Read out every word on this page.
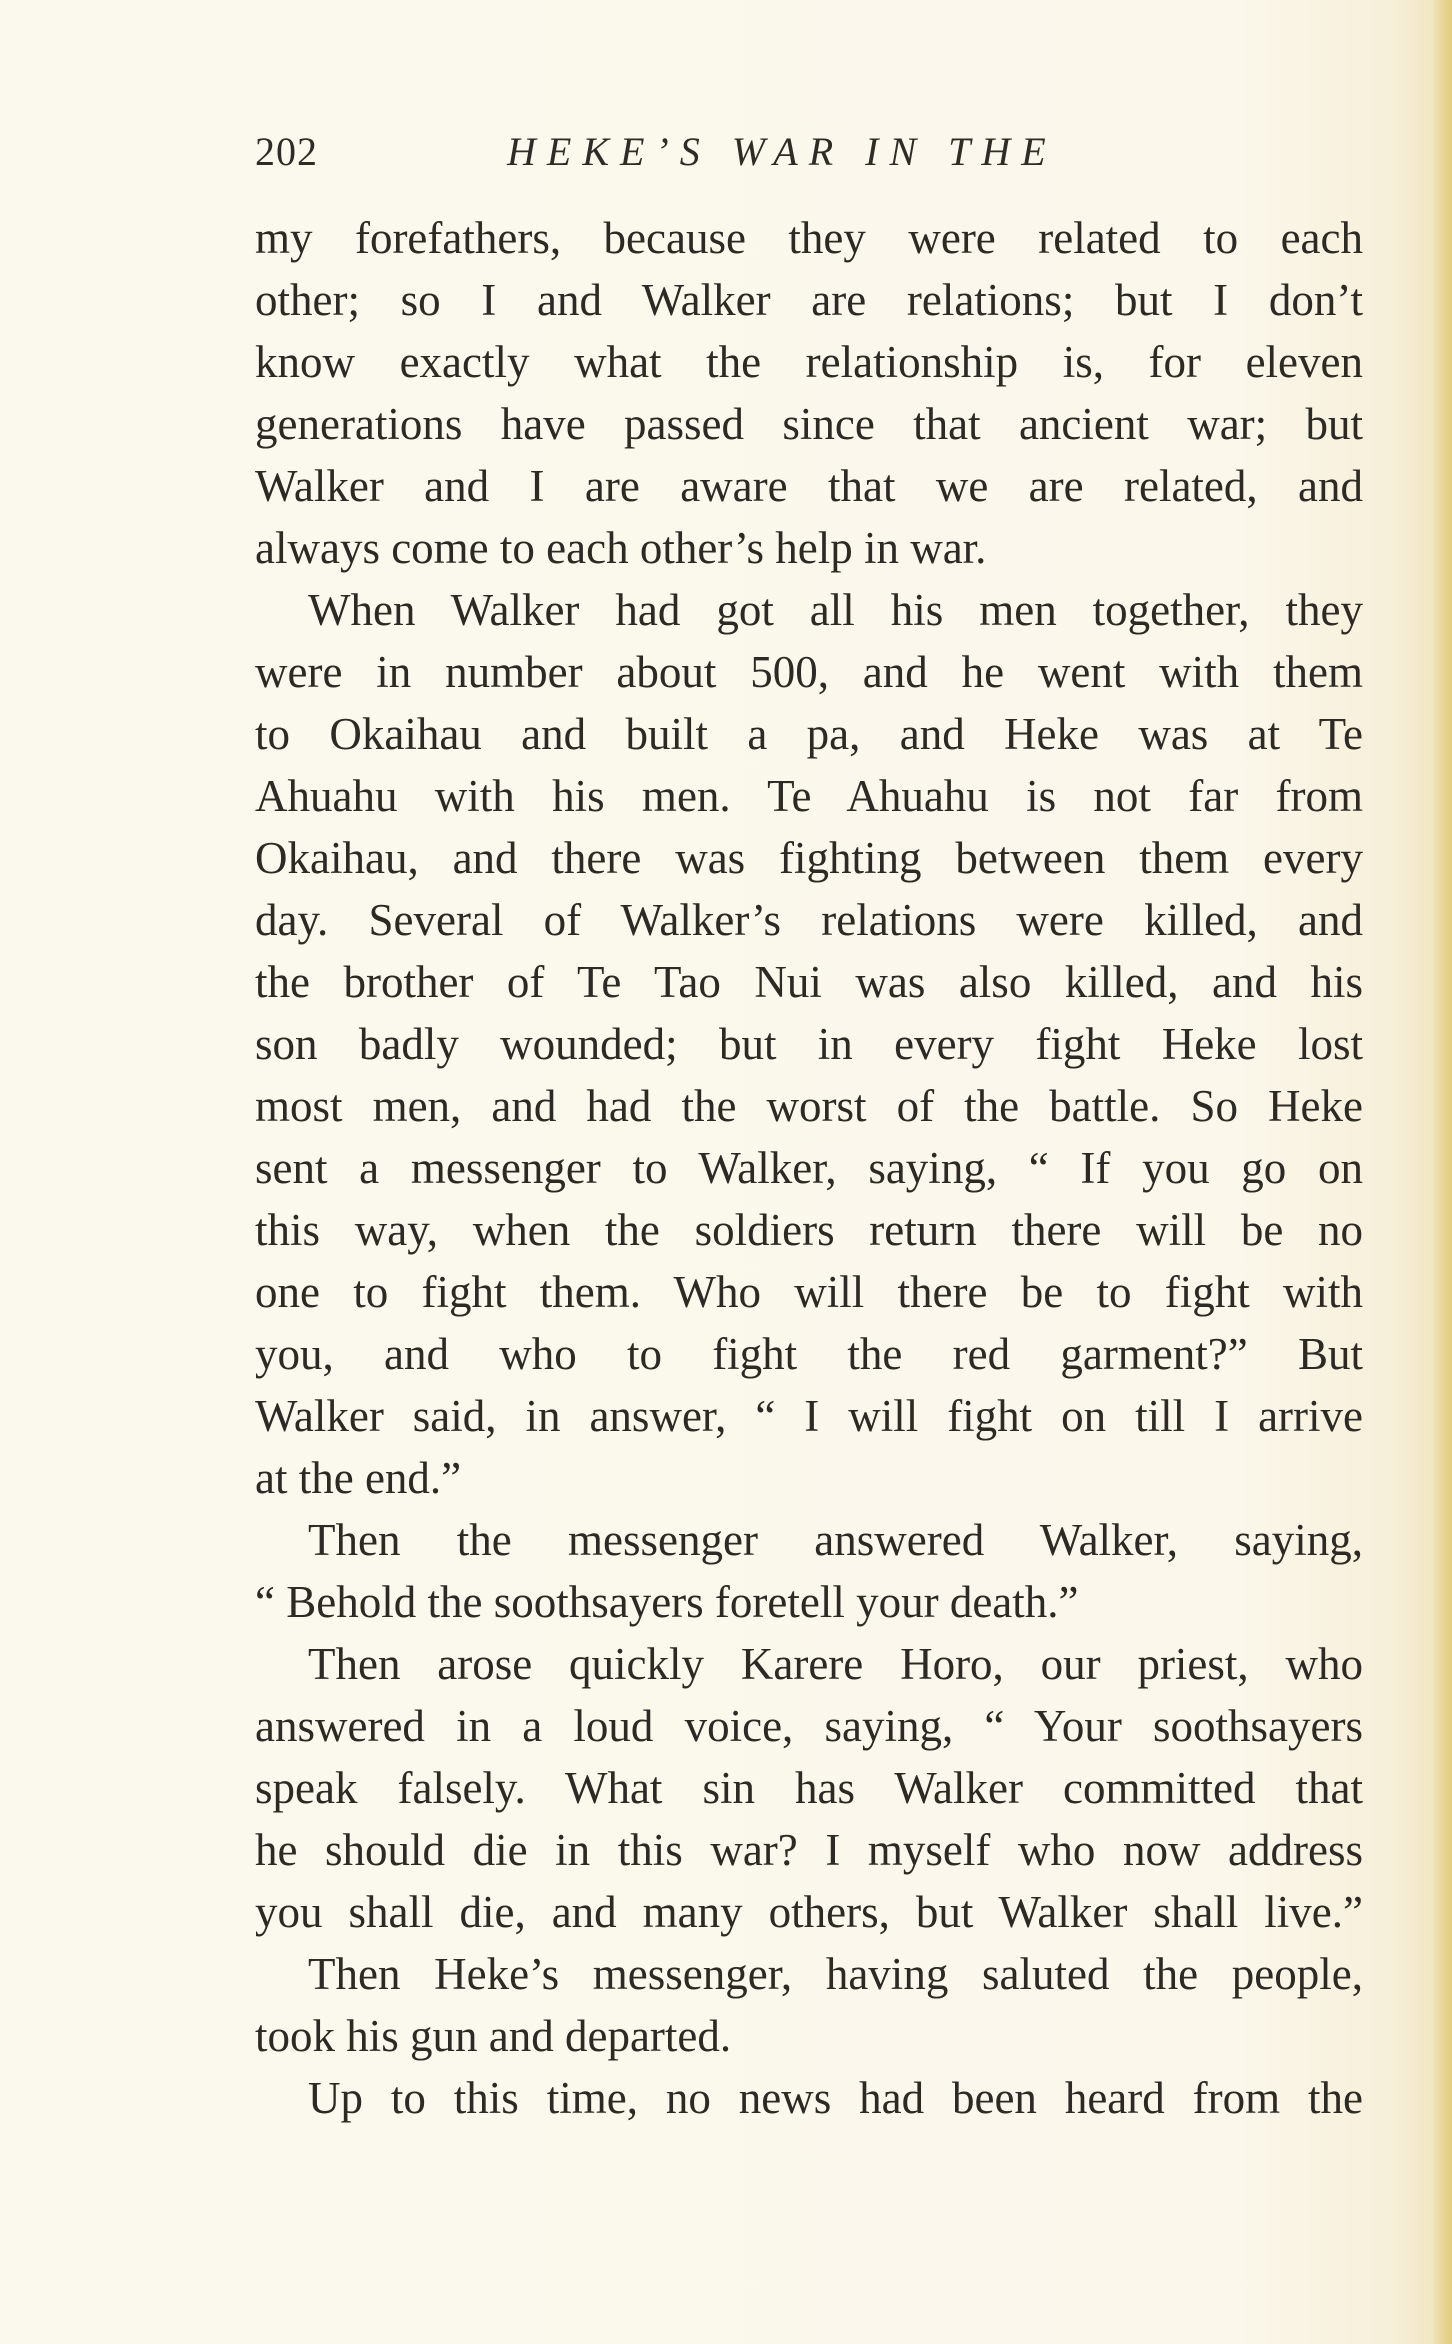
202	HEKE’S WAR IN THE
my forefathers, because they were related to each
other; so I and Walker are relations; but I don’t
know exactly what the relationship is, for eleven
generations have passed since that ancient war; but
Walker and I are aware that we are related, and
always come to each other’s help in war.
When Walker had got all his men together, they
were in number about 500, and he went with them
to Okaihau and built a pa, and Heke was at Te
Ahuahu with his men. Te Ahuahu is not far from
Okaihau, and there was fighting between them every
day. Several of Walker’s relations were killed, and
the brother of Te Tao Nui was also killed, and his
son badly wounded; but in every fight Heke lost
most men, and had the worst of the battle. So Heke
sent a messenger to Walker, saying, “ If you go on
this way, when the soldiers return there will be no
one to fight them. Who will there be to fight with
you, and who to fight the red garment?” But
Walker said, in answer, “ I will fight on till I arrive
at the end.”
Then the messenger answered Walker, saying,
“ Behold the soothsayers foretell your death.”
Then arose quickly Karere Horo, our priest, who
answered in a loud voice, saying, “ Your soothsayers
speak falsely. What sin has Walker committed that
he should die in this war? I myself who now address
you shall die, and many others, but Walker shall live.”
Then Heke’s messenger, having saluted the people,
took his gun and departed.
Up to this time, no news had been heard from the
